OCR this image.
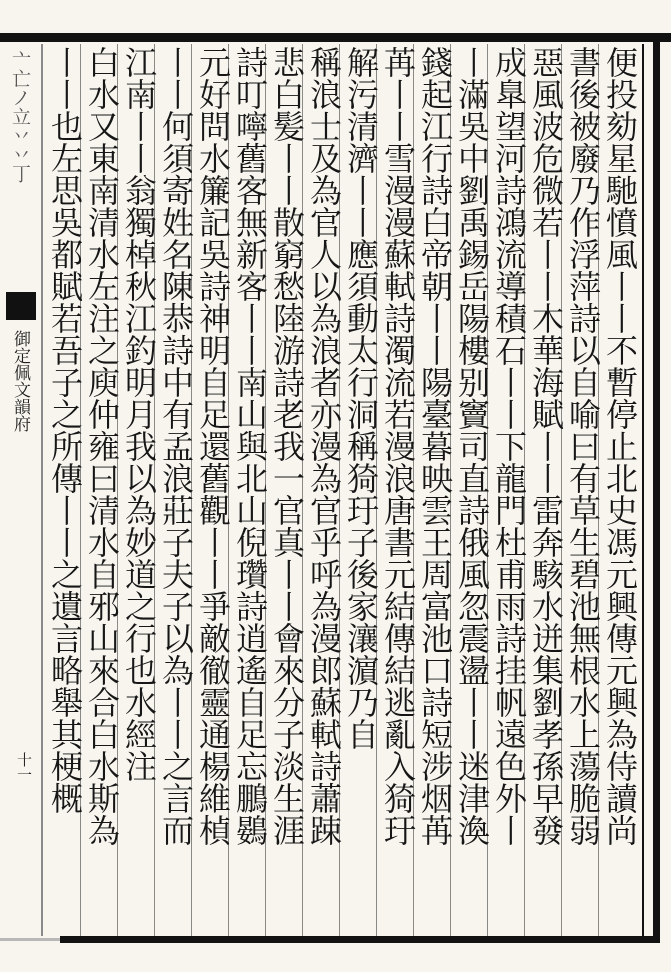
亠亡ノ立丷丷丁
御定佩文韻府
十一	便投劾星馳憤風丨丨不暫停止北史馮元興傳元興為侍讀尚
書後被廢乃作浮萍詩以自喻曰有草生碧池無根水上蕩脆弱
惡風波危微若丨丨木華海賦丨丨雷奔駭水迸集劉孝孫早發
成臯望河詩鴻流導積石丨丨下龍門杜甫雨詩挂帆遠色外丨
丨滿吳中劉禹錫岳陽樓别竇司直詩俄風忽震盪丨丨迷津渙
錢起江行詩白帝朝丨丨陽臺暮映雲王周富池口詩短涉烟苒
苒丨丨雪漫漫蘇軾詩濁流若漫浪唐書元結傳結逃亂入猗玗
解污清濟丨丨應須動太行洞稱猗玗子後家瀼濵乃自
稱浪士及為官人以為浪者亦漫為官乎呼為漫郎蘇軾詩蕭踈
悲白髪丨丨散窮愁陸游詩老我一官真丨丨會來分子淡生涯
詩叮嚀舊客無新客丨丨南山與北山倪瓚詩逍遙自足忘鵬鷃
元好問水簾記吳詩神明自足還舊觀丨丨爭敵徹靈通楊維楨
丨丨何須寄姓名陳恭詩中有孟浪莊子夫子以為丨丨之言而
江南丨丨翁獨棹秋江釣明月我以為妙道之行也水經注
白水又東南清水左注之庾仲雍曰清水自邪山來合白水斯為
丨丨也左思吳都賦若吾子之所傳丨丨之遺言略舉其梗概
